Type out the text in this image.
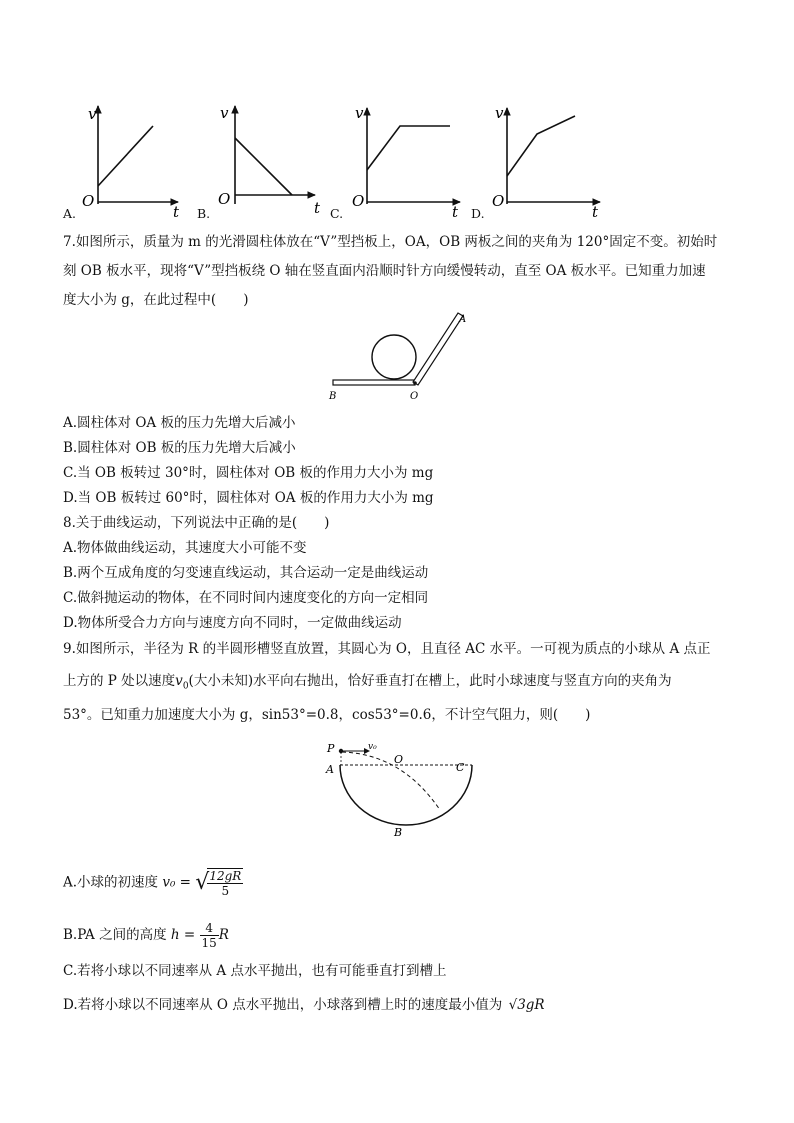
v
t
O
v
t
O
v
t
O
v
t
O
A.	B.	C.	D.
7.如图所示，质量为 m 的光滑圆柱体放在“V”型挡板上，OA，OB 两板之间的夹角为 120°固定不变。初始时
刻 OB 板水平，现将“V”型挡板绕 O 轴在竖直面内沿顺时针方向缓慢转动，直至 OA 板水平。已知重力加速
度大小为 g，在此过程中(　　)
B	O
A
A.圆柱体对 OA 板的压力先增大后减小
B.圆柱体对 OB 板的压力先增大后减小
C.当 OB 板转过 30°时，圆柱体对 OB 板的作用力大小为 mg
D.当 OB 板转过 60°时，圆柱体对 OA 板的作用力大小为 mg
8.关于曲线运动，下列说法中正确的是(　　)
A.物体做曲线运动，其速度大小可能不变
B.两个互成角度的匀变速直线运动，其合运动一定是曲线运动
C.做斜抛运动的物体，在不同时间内速度变化的方向一定相同
D.物体所受合力方向与速度方向不同时，一定做曲线运动
9.如图所示，半径为 R 的半圆形槽竖直放置，其圆心为 O，且直径 AC 水平。一可视为质点的小球从 A 点正
上方的 P 处以速度$v_0$(大小未知)水平向右抛出，恰好垂直打在槽上，此时小球速度与竖直方向的夹角为
53°。已知重力加速度大小为 g，sin53°=0.8，cos53°=0.6，不计空气阻力，则(　　)
P
A
O
C
B
v₀
A.小球的初速度 v₀ = √
$\frac{12gR}{5}$
B.PA 之间的高度 $h = \frac{4}{15}$ R
C.若将小球以不同速率从 A 点水平抛出，也有可能垂直打到槽上
D.若将小球以不同速率从 O 点水平抛出，小球落到槽上时的速度最小值为 √3gR
